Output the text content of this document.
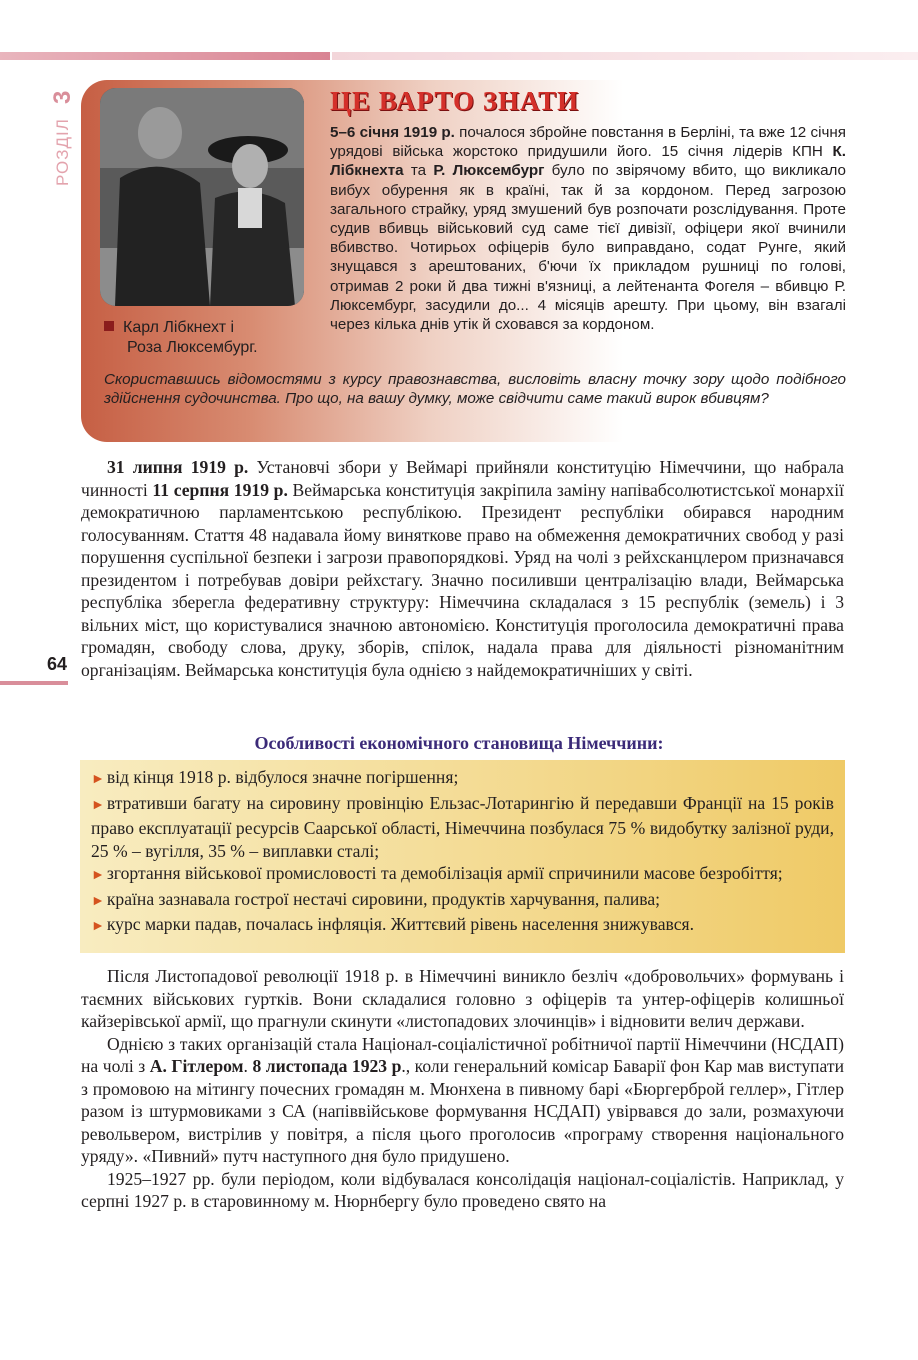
РОЗДІЛ
3
64
Карл Лібкнехт і
Роза Люксембург.
ЦЕ ВАРТО ЗНАТИ

5–6 січня 1919 р. почалося збройне повстання в Берліні, та вже 12 січня урядові війська жорстоко придушили його. 15 січня лідерів КПН К. Лібкнехта та Р. Люксембург було по звірячому вбито, що викликало вибух обурення як в країні, так й за кордоном. Перед загрозою загального страйку, уряд змушений був розпочати розслідування. Проте судив вбивць військовий суд саме тієї дивізії, офіцери якої вчинили вбивство. Чотирьох офіцерів було виправдано, содат Рунге, який знущався з арештованих, б'ючи їх прикладом рушниці по голові, отримав 2 роки й два тижні в'язниці, а лейтенанта Фогеля – вбивцю Р. Люксембург, засудили до... 4 місяців арешту. При цьому, він взагалі через кілька днів утік й сховався за кордоном.

Скориставшись відомостями з курсу правознавства, висловіть власну точку зору щодо подібного здійснення судочинства. Про що, на вашу думку, може свідчити саме такий вирок вбивцям?

31 липня 1919 р. Установчі збори у Веймарі прийняли конституцію Німеччини, що набрала чинності 11 серпня 1919 р. Веймарська конституція закріпила заміну напівабсолютистської монархії демократичною парламентською республікою. Президент республіки обирався народним голосуванням. Стаття 48 надавала йому виняткове право на обмеження демократичних свобод у разі порушення суспільної безпеки і загрози правопорядкові. Уряд на чолі з рейхсканцлером призначався президентом і потребував довіри рейхстагу. Значно посиливши централізацію влади, Веймарська республіка зберегла федеративну структуру: Німеччина складалася з 15 республік (земель) і 3 вільних міст, що користувалися значною автономією. Конституція проголосила демократичні права громадян, свободу слова, друку, зборів, спілок, надала права для діяльності різноманітним організаціям. Веймарська конституція була однією з найдемократичніших у світі.

Особливості економічного становища Німеччини:

► від кінця 1918 р. відбулося значне погіршення;

► втративши багату на сировину провінцію Ельзас-Лотарингію й передавши Франції на 15 років право експлуатації ресурсів Саарської області, Німеччина позбулася 75 % видобутку залізної руди, 25 % – вугілля, 35 % – виплавки сталі;

► згортання військової промисловості та демобілізація армії спричинили масове безробіття;

► країна зазнавала гострої нестачі сировини, продуктів харчування, палива;

► курс марки падав, почалась інфляція. Життєвий рівень населення знижувався.

Після Листопадової революції 1918 р. в Німеччині виникло безліч «добровольчих» формувань і таємних військових гуртків. Вони складалися головно з офіцерів та унтер-офіцерів колишньої кайзерівської армії, що прагнули скинути «листопадових злочинців» і відновити велич держави.

Однією з таких організацій стала Націонал-соціалістичної робітничої партії Німеччини (НСДАП) на чолі з А. Гітлером. 8 листопада 1923 р., коли генеральний комісар Баварії фон Кар мав виступати з промовою на мітингу почесних громадян м. Мюнхена в пивному барі «Бюргерброй геллер», Гітлер разом із штурмовиками з СА (напіввійськове формування НСДАП) увірвався до зали, розмахуючи револьвером, вистрілив у повітря, а після цього проголосив «програму створення національного уряду». «Пивний» путч наступного дня було придушено.

1925–1927 рр. були періодом, коли відбувалася консолідація націонал-соціалістів. Наприклад, у серпні 1927 р. в старовинному м. Нюрнбергу було проведено свято на
